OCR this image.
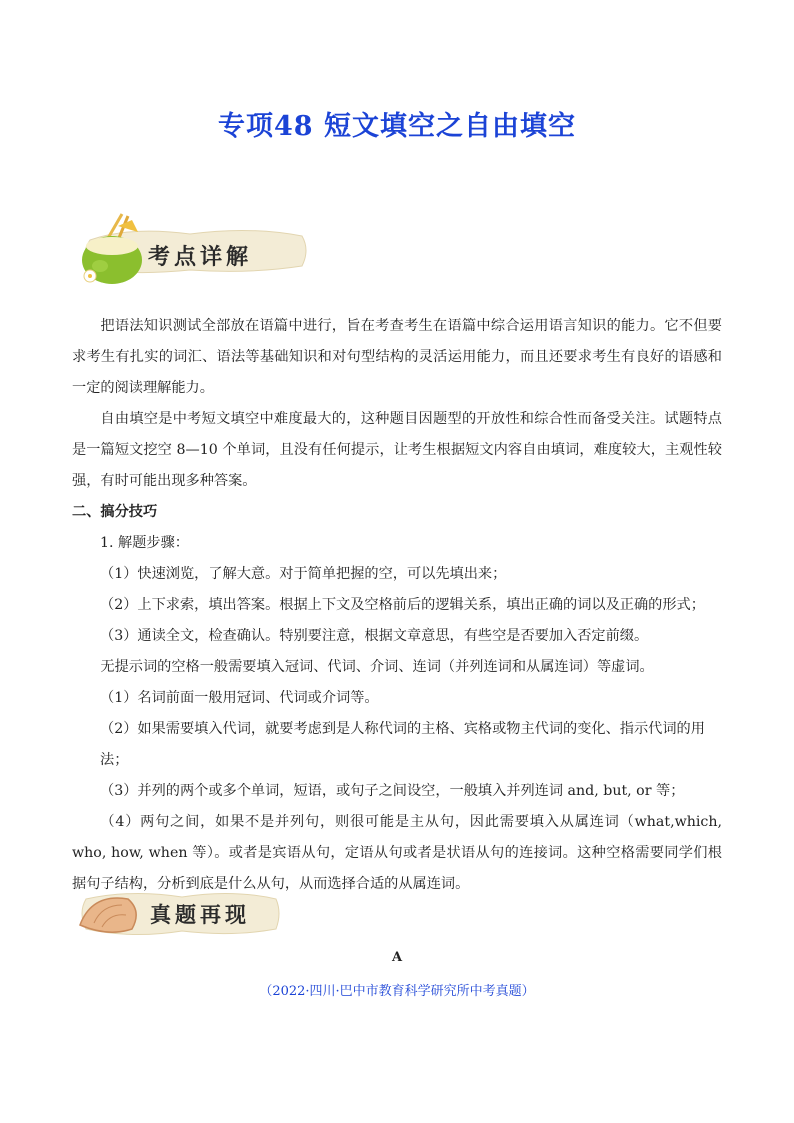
专项48 短文填空之自由填空
考点详解

把语法知识测试全部放在语篇中进行，旨在考查考生在语篇中综合运用语言知识的能力。它不但要求考生有扎实的词汇、语法等基础知识和对句型结构的灵活运用能力，而且还要求考生有良好的语感和一定的阅读理解能力。

自由填空是中考短文填空中难度最大的，这种题目因题型的开放性和综合性而备受关注。试题特点是一篇短文挖空 8—10 个单词，且没有任何提示，让考生根据短文内容自由填词，难度较大，主观性较强，有时可能出现多种答案。

二、搞分技巧

1. 解题步骤：

（1）快速浏览，了解大意。对于简单把握的空，可以先填出来；

（2）上下求索，填出答案。根据上下文及空格前后的逻辑关系，填出正确的词以及正确的形式；

（3）通读全文，检查确认。特别要注意，根据文章意思，有些空是否要加入否定前缀。

无提示词的空格一般需要填入冠词、代词、介词、连词（并列连词和从属连词）等虚词。

（1）名词前面一般用冠词、代词或介词等。

（2）如果需要填入代词，就要考虑到是人称代词的主格、宾格或物主代词的变化、指示代词的用法；

（3）并列的两个或多个单词，短语，或句子之间设空，一般填入并列连词 and, but, or 等；

（4）两句之间，如果不是并列句，则很可能是主从句，因此需要填入从属连词（what,which, who, how, when 等）。或者是宾语从句，定语从句或者是状语从句的连接词。这种空格需要同学们根据句子结构，分析到底是什么从句，从而选择合适的从属连词。

真题再现
A
（2022·四川·巴中市教育科学研究所中考真题）
